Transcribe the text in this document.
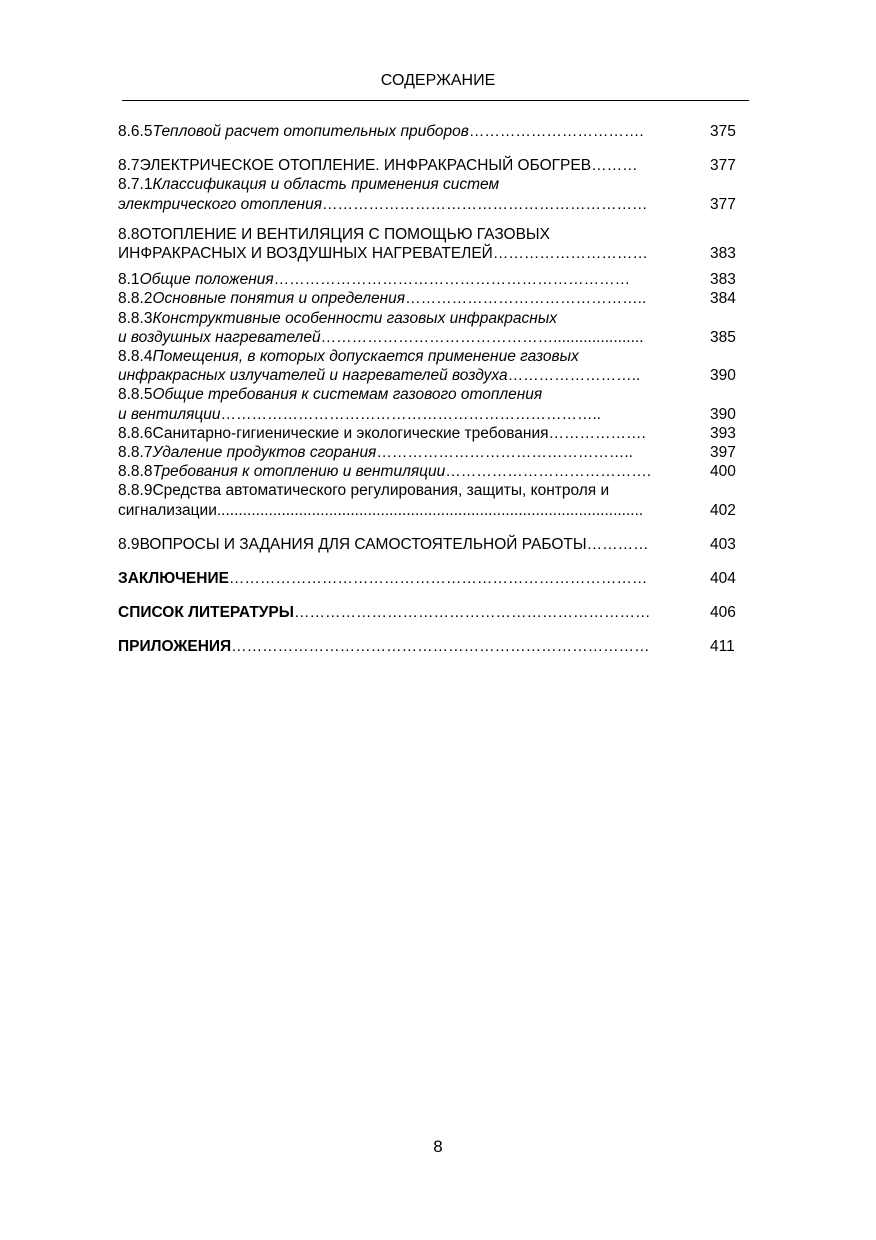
СОДЕРЖАНИЕ
8.6.5 Тепловой расчет отопительных приборов …………………………….	375
8.7 ЭЛЕКТРИЧЕСКОЕ ОТОПЛЕНИЕ. ИНФРАКРАСНЫЙ ОБОГРЕВ ………	377
8.7.1 Классификация и область применения систем
электрического отопления ………………………………………………………	377
8.8 ОТОПЛЕНИЕ И ВЕНТИЛЯЦИЯ С ПОМОЩЬЮ ГАЗОВЫХ
ИНФРАКРАСНЫХ И ВОЗДУШНЫХ НАГРЕВАТЕЛЕЙ …………………………	383
8.1 Общие положения ……………………………………………………………	383
8.8.2 Основные понятия и определения ………………………………………..	384
8.8.3 Конструктивные особенности газовых инфракрасных
и воздушных нагревателей ……………………………………….....................	385
8.8.4 Помещения, в которых допускается применение газовых
инфракрасных излучателей и нагревателей воздуха ……………………..	390
8.8.5 Общие требования к системам газового отопления
и вентиляции ………………………………………………………………..	390
8.8.6 Санитарно-гигиенические и экологические требования ……………….	393
8.8.7 Удаление продуктов сгорания …………………………………………..	397
8.8.8 Требования к отоплению и вентиляции ………………………………….	400
8.8.9 Средства автоматического регулирования, защиты, контроля и
сигнализации ...................................................................................................	402
8.9 ВОПРОСЫ И ЗАДАНИЯ ДЛЯ САМОСТОЯТЕЛЬНОЙ РАБОТЫ …………	403
ЗАКЛЮЧЕНИЕ ………………………………………………………………………	404
СПИСОК ЛИТЕРАТУРЫ ……………………………………………………………	406
ПРИЛОЖЕНИЯ ………………………………………………………………………	411
8
